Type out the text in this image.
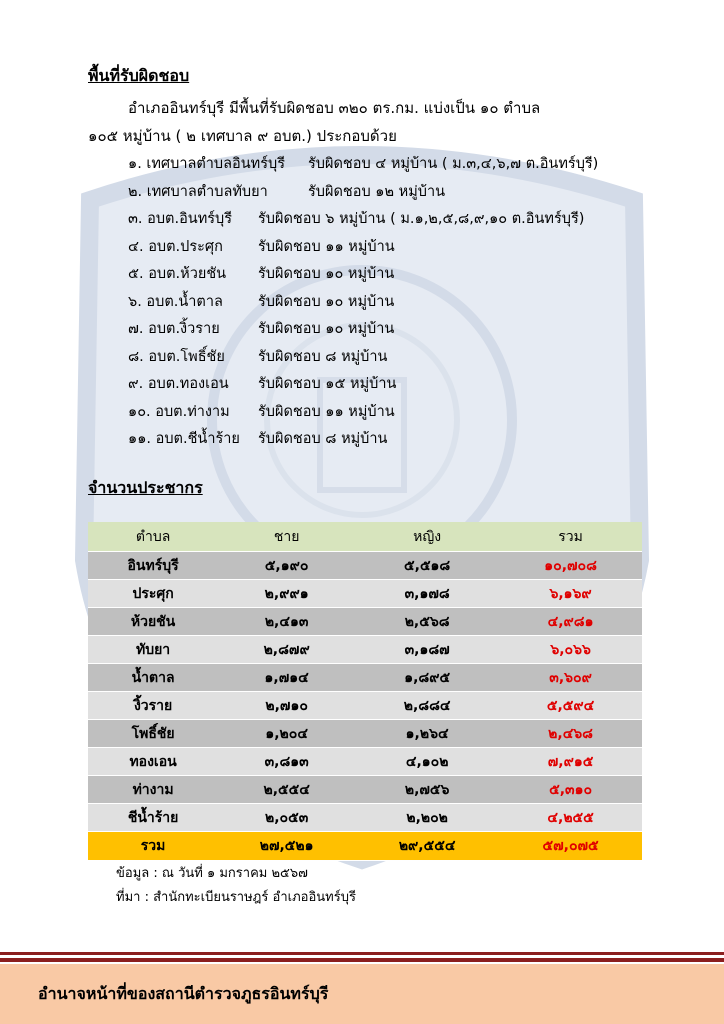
พื้นที่รับผิดชอบ
อำเภออินทร์บุรี มีพื้นที่รับผิดชอบ ๓๒๐ ตร.กม. แบ่งเป็น ๑๐ ตำบล
๑๐๕ หมู่บ้าน ( ๒ เทศบาล ๙ อบต.) ประกอบด้วย
๑. เทศบาลตำบลอินทร์บุรี รับผิดชอบ ๔ หมู่บ้าน ( ม.๓,๔,๖,๗ ต.อินทร์บุรี)
๒. เทศบาลตำบลทับยา	รับผิดชอบ ๑๒ หมู่บ้าน
๓. อบต.อินทร์บุรี รับผิดชอบ ๖ หมู่บ้าน ( ม.๑,๒,๕,๘,๙,๑๐ ต.อินทร์บุรี)
๔. อบต.ประศุก รับผิดชอบ ๑๑ หมู่บ้าน
๕. อบต.ห้วยชัน รับผิดชอบ ๑๐ หมู่บ้าน
๖. อบต.น้ำตาล รับผิดชอบ ๑๐ หมู่บ้าน
๗. อบต.งิ้วราย	รับผิดชอบ ๑๐ หมู่บ้าน
๘. อบต.โพธิ์ชัย รับผิดชอบ ๘ หมู่บ้าน
๙. อบต.ทองเอน รับผิดชอบ ๑๕ หมู่บ้าน
๑๐. อบต.ท่างาม รับผิดชอบ ๑๑ หมู่บ้าน
๑๑. อบต.ชีน้ำร้าย รับผิดชอบ ๘ หมู่บ้าน
จำนวนประชากร
ตำบล	ชาย	หญิง	รวม
อินทร์บุรี	๕,๑๙๐	๕,๕๑๘	๑๐,๗๐๘
ประศุก	๒,๙๙๑	๓,๑๗๘	๖,๑๖๙
ห้วยชัน	๒,๔๑๓	๒,๕๖๘	๔,๙๘๑
ทับยา	๒,๘๗๙	๓,๑๘๗	๖,๐๖๖
น้ำตาล	๑,๗๑๔	๑,๘๙๕	๓,๖๐๙
งิ้วราย	๒,๗๑๐	๒,๘๘๔	๕,๕๙๔
โพธิ์ชัย	๑,๒๐๔	๑,๒๖๔	๒,๔๖๘
ทองเอน	๓,๘๑๓	๔,๑๐๒	๗,๙๑๕
ท่างาม	๒,๕๕๔	๒,๗๕๖	๕,๓๑๐
ชีน้ำร้าย	๒,๐๕๓	๒,๒๐๒	๔,๒๕๕
รวม	๒๗,๕๒๑	๒๙,๕๕๔	๕๗,๐๗๕
ข้อมูล : ณ วันที่ ๑ มกราคม ๒๕๖๗
ที่มา : สำนักทะเบียนราษฎร์ อำเภออินทร์บุรี
อำนาจหน้าที่ของสถานีตำรวจภูธรอินทร์บุรี
